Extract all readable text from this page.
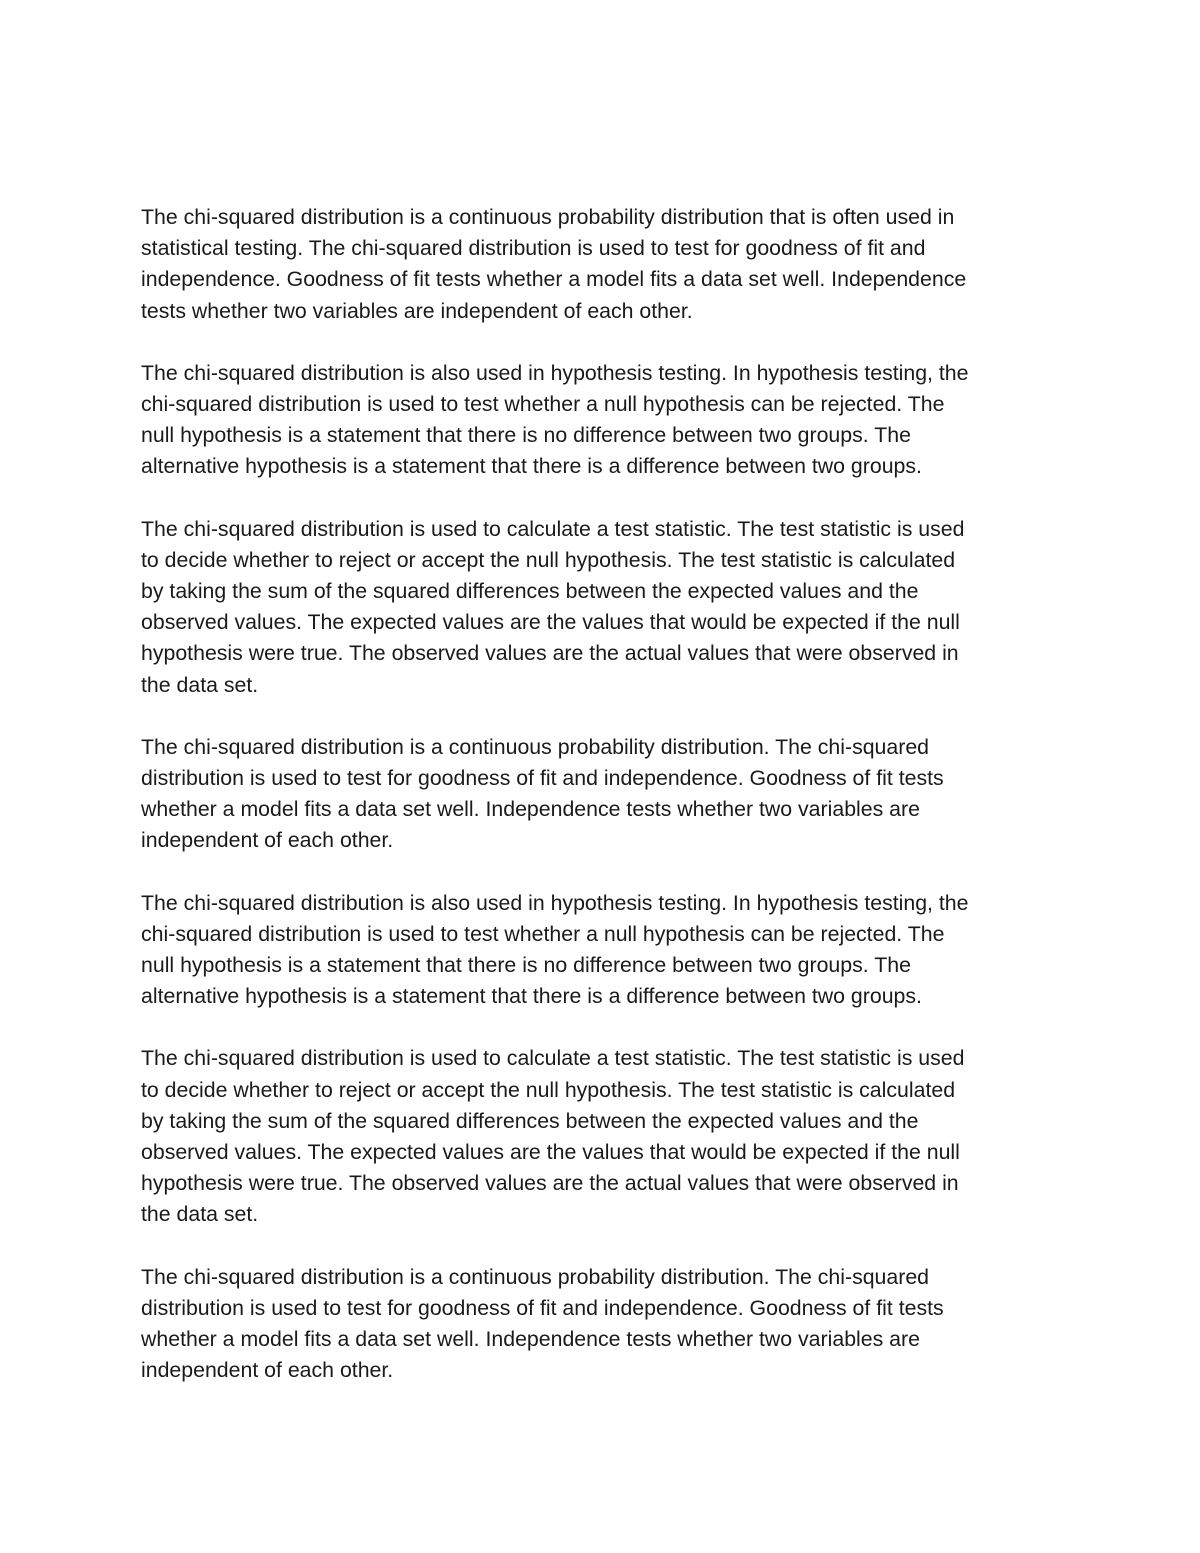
The chi-squared distribution is a continuous probability distribution that is often used in
statistical testing. The chi-squared distribution is used to test for goodness of fit and
independence. Goodness of fit tests whether a model fits a data set well. Independence
tests whether two variables are independent of each other.

The chi-squared distribution is also used in hypothesis testing. In hypothesis testing, the
chi-squared distribution is used to test whether a null hypothesis can be rejected. The
null hypothesis is a statement that there is no difference between two groups. The
alternative hypothesis is a statement that there is a difference between two groups.

The chi-squared distribution is used to calculate a test statistic. The test statistic is used
to decide whether to reject or accept the null hypothesis. The test statistic is calculated
by taking the sum of the squared differences between the expected values and the
observed values. The expected values are the values that would be expected if the null
hypothesis were true. The observed values are the actual values that were observed in
the data set.

The chi-squared distribution is a continuous probability distribution. The chi-squared
distribution is used to test for goodness of fit and independence. Goodness of fit tests
whether a model fits a data set well. Independence tests whether two variables are
independent of each other.

The chi-squared distribution is also used in hypothesis testing. In hypothesis testing, the
chi-squared distribution is used to test whether a null hypothesis can be rejected. The
null hypothesis is a statement that there is no difference between two groups. The
alternative hypothesis is a statement that there is a difference between two groups.

The chi-squared distribution is used to calculate a test statistic. The test statistic is used
to decide whether to reject or accept the null hypothesis. The test statistic is calculated
by taking the sum of the squared differences between the expected values and the
observed values. The expected values are the values that would be expected if the null
hypothesis were true. The observed values are the actual values that were observed in
the data set.

The chi-squared distribution is a continuous probability distribution. The chi-squared
distribution is used to test for goodness of fit and independence. Goodness of fit tests
whether a model fits a data set well. Independence tests whether two variables are
independent of each other.
